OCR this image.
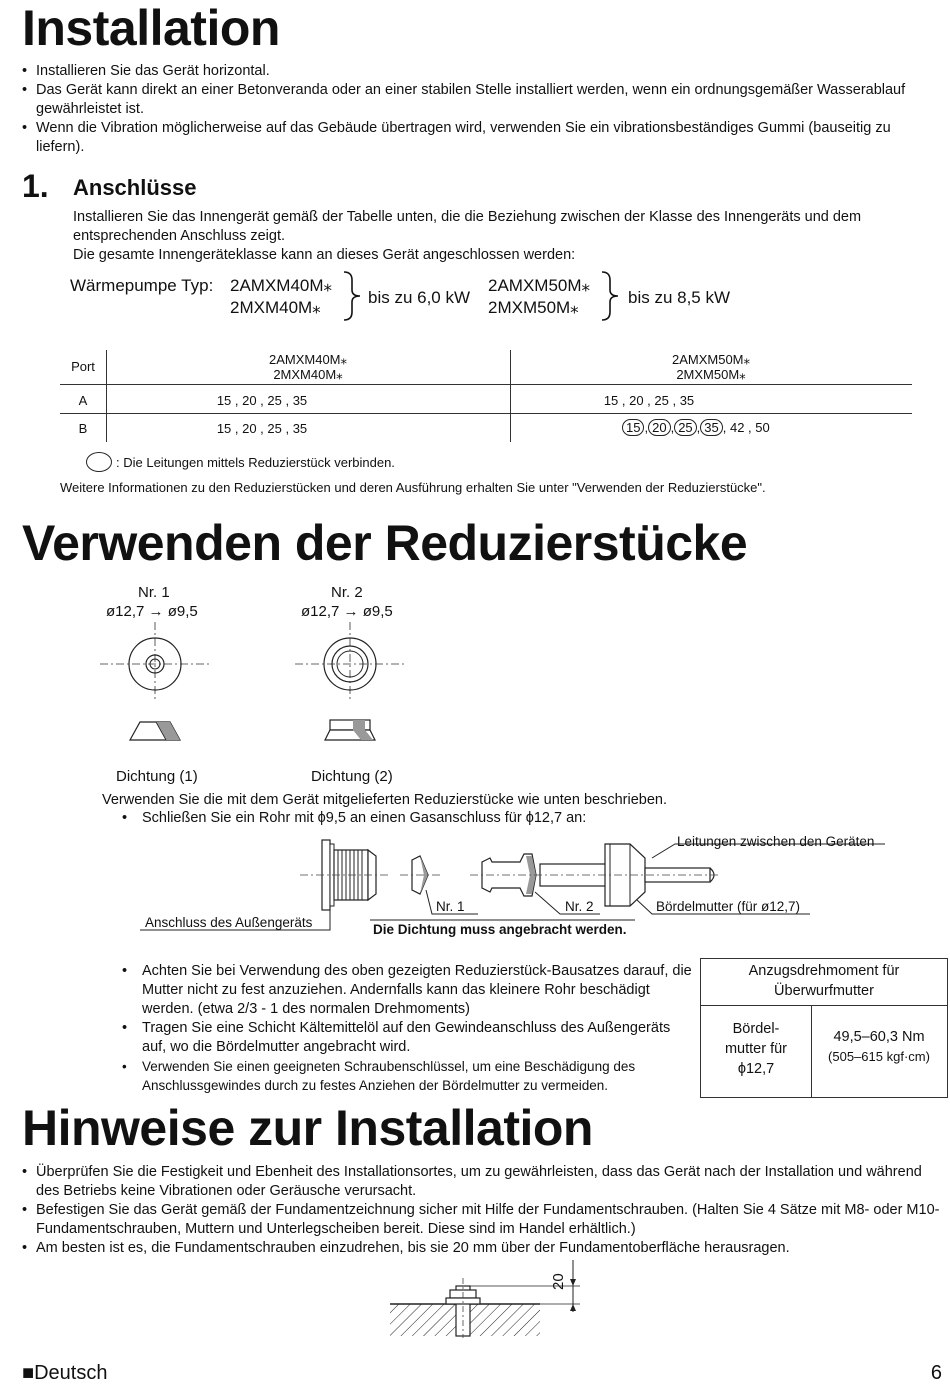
Installation
• Installieren Sie das Gerät horizontal.
• Das Gerät kann direkt an einer Betonveranda oder an einer stabilen Stelle installiert werden, wenn ein ordnungsgemäßer Wasserablauf gewährleistet ist.
• Wenn die Vibration möglicherweise auf das Gebäude übertragen wird, verwenden Sie ein vibrationsbeständiges Gummi (bauseitig zu liefern).
1. Anschlüsse
Installieren Sie das Innengerät gemäß der Tabelle unten, die die Beziehung zwischen der Klasse des Innengeräts und dem entsprechenden Anschluss zeigt.
Die gesamte Innengeräteklasse kann an dieses Gerät angeschlossen werden:
Wärmepumpe Typ: 2AMXM40M⁎
2MXM40M⁎
bis zu 6,0 kW
2AMXM50M⁎
2MXM50M⁎
bis zu 8,5 kW
Port	2AMXM40M⁎
2MXM40M⁎
2AMXM50M⁎
2MXM50M⁎
A	15 , 20 , 25 , 35	15 , 20 , 25 , 35
B	15 , 20 , 25 , 35	15 , 20 , 25 , 35 , 42 , 50
: Die Leitungen mittels Reduzierstück verbinden.
Weitere Informationen zu den Reduzierstücken und deren Ausführung erhalten Sie unter "Verwenden der Reduzierstücke".
Verwenden der Reduzierstücke
Nr. 1
ø12,7 → ø9,5
Nr. 2
ø12,7 → ø9,5
Dichtung (1)	Dichtung (2)
Verwenden Sie die mit dem Gerät mitgelieferten Reduzierstücke wie unten beschrieben.
• Schließen Sie ein Rohr mit ϕ9,5 an einen Gasanschluss für ϕ12,7 an:
Leitungen zwischen den Geräten
Nr. 1	Nr. 2	Bördelmutter (für ø12,7)
Anschluss des Außengeräts	Die Dichtung muss angebracht werden.
• Achten Sie bei Verwendung des oben gezeigten Reduzierstück-Bausatzes darauf, die Mutter nicht zu fest anzuziehen. Andernfalls kann das kleinere Rohr beschädigt werden. (etwa 2/3 - 1 des normalen Drehmoments)
• Tragen Sie eine Schicht Kältemittelöl auf den Gewindeanschluss des Außengeräts auf, wo die Bördelmutter angebracht wird.
• Verwenden Sie einen geeigneten Schraubenschlüssel, um eine Beschädigung des Anschlussgewindes durch zu festes Anziehen der Bördelmutter zu vermeiden.
Anzugsdrehmoment für Überwurfmutter
Bördel-mutter für ϕ12,7
49,5–60,3 Nm
(505–615 kgf·cm)
Hinweise zur Installation
• Überprüfen Sie die Festigkeit und Ebenheit des Installationsortes, um zu gewährleisten, dass das Gerät nach der Installation und während des Betriebs keine Vibrationen oder Geräusche verursacht.
• Befestigen Sie das Gerät gemäß der Fundamentzeichnung sicher mit Hilfe der Fundamentschrauben. (Halten Sie 4 Sätze mit M8- oder M10-Fundamentschrauben, Muttern und Unterlegscheiben bereit. Diese sind im Handel erhältlich.)
• Am besten ist es, die Fundamentschrauben einzudrehen, bis sie 20 mm über der Fundamentoberfläche herausragen.
20
■Deutsch	6
